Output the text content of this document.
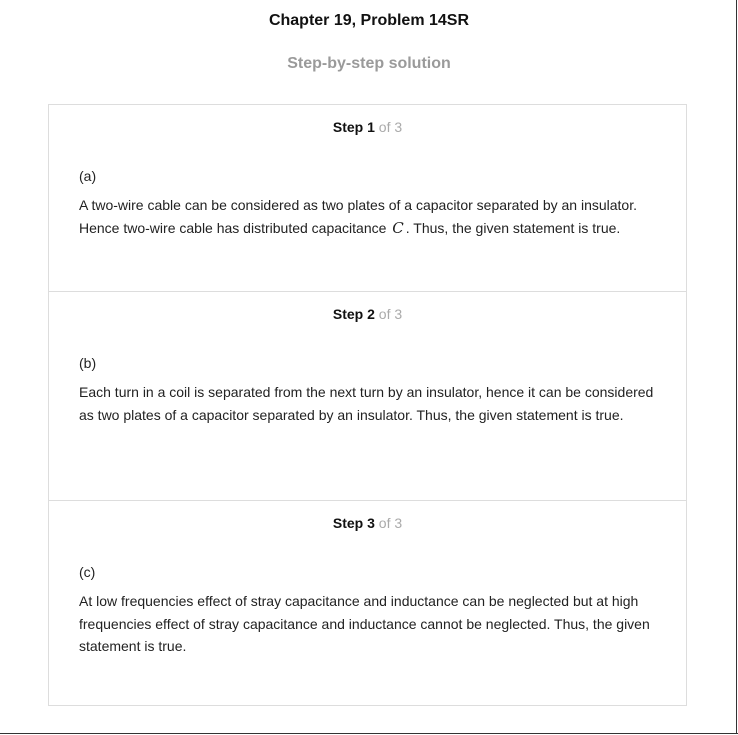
Chapter 19, Problem 14SR
Step-by-step solution
Step 1 of 3
(a)
A two-wire cable can be considered as two plates of a capacitor separated by an insulator.
Hence two-wire cable has distributed capacitance C . Thus, the given statement is true.
Step 2 of 3
(b)
Each turn in a coil is separated from the next turn by an insulator, hence it can be considered as two plates of a capacitor separated by an insulator. Thus, the given statement is true.
Step 3 of 3
(c)
At low frequencies effect of stray capacitance and inductance can be neglected but at high frequencies effect of stray capacitance and inductance cannot be neglected. Thus, the given statement is true.
